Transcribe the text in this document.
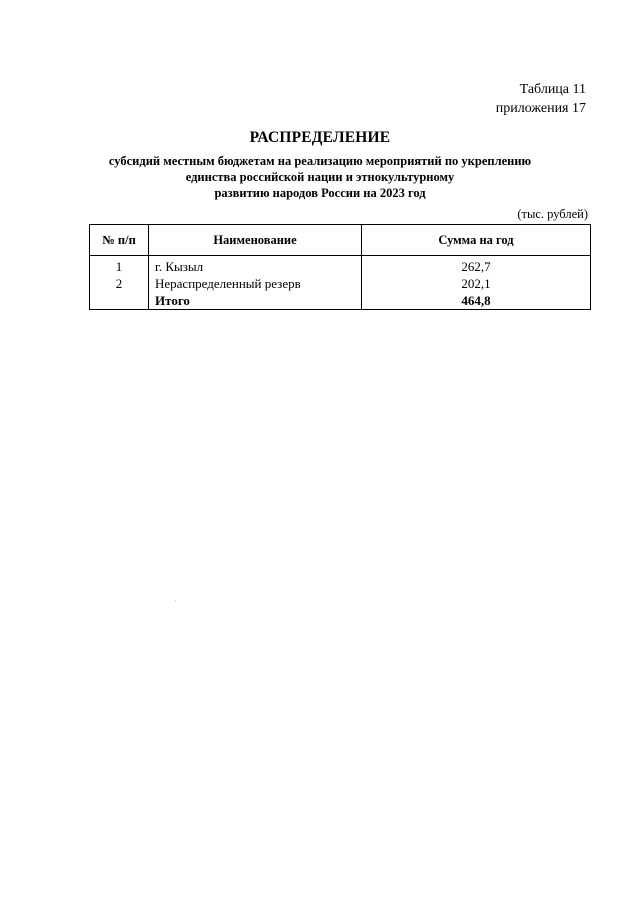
Таблица 11
приложения 17
РАСПРЕДЕЛЕНИЕ
субсидий местным бюджетам на реализацию мероприятий по укреплению
единства российской нации и этнокультурному
развитию народов России на 2023 год
(тыс. рублей)
№ п/п	Наименование	Сумма на год
1	г. Кызыл	262,7
2	Нераспределенный резерв	202,1
	Итого	464,8
